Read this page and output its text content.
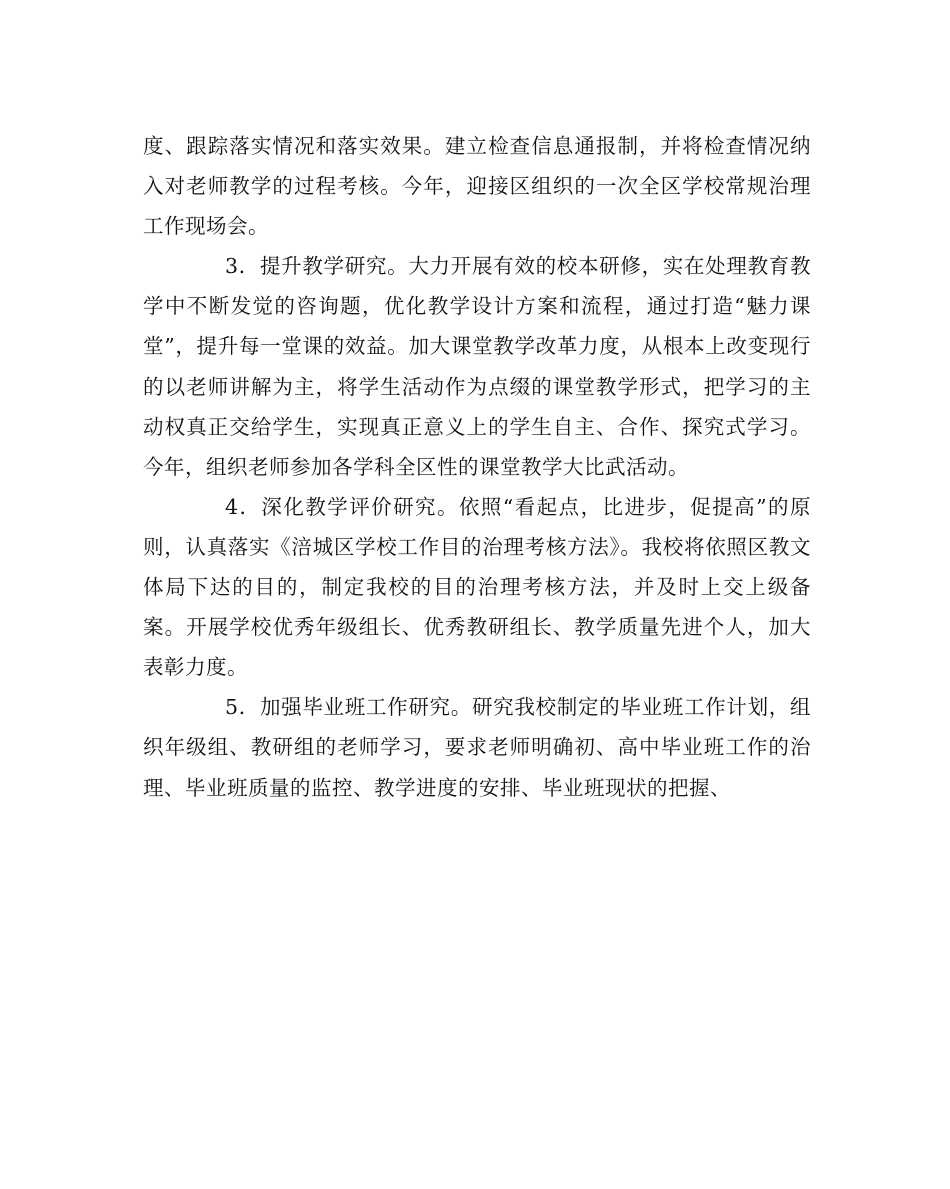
度、跟踪落实情况和落实效果。建立检查信息通报制，并将检查情况纳入对老师教学的过程考核。今年，迎接区组织的一次全区学校常规治理工作现场会。

3．提升教学研究。大力开展有效的校本研修，实在处理教育教学中不断发觉的咨询题，优化教学设计方案和流程，通过打造“魅力课堂”，提升每一堂课的效益。加大课堂教学改革力度，从根本上改变现行的以老师讲解为主，将学生活动作为点缀的课堂教学形式，把学习的主动权真正交给学生，实现真正意义上的学生自主、合作、探究式学习。今年，组织老师参加各学科全区性的课堂教学大比武活动。

4．深化教学评价研究。依照“看起点，比进步，促提高”的原则，认真落实《涪城区学校工作目的治理考核方法》。我校将依照区教文体局下达的目的，制定我校的目的治理考核方法，并及时上交上级备案。开展学校优秀年级组长、优秀教研组长、教学质量先进个人，加大表彰力度。

5．加强毕业班工作研究。研究我校制定的毕业班工作计划，组织年级组、教研组的老师学习，要求老师明确初、高中毕业班工作的治理、毕业班质量的监控、教学进度的安排、毕业班现状的把握、
